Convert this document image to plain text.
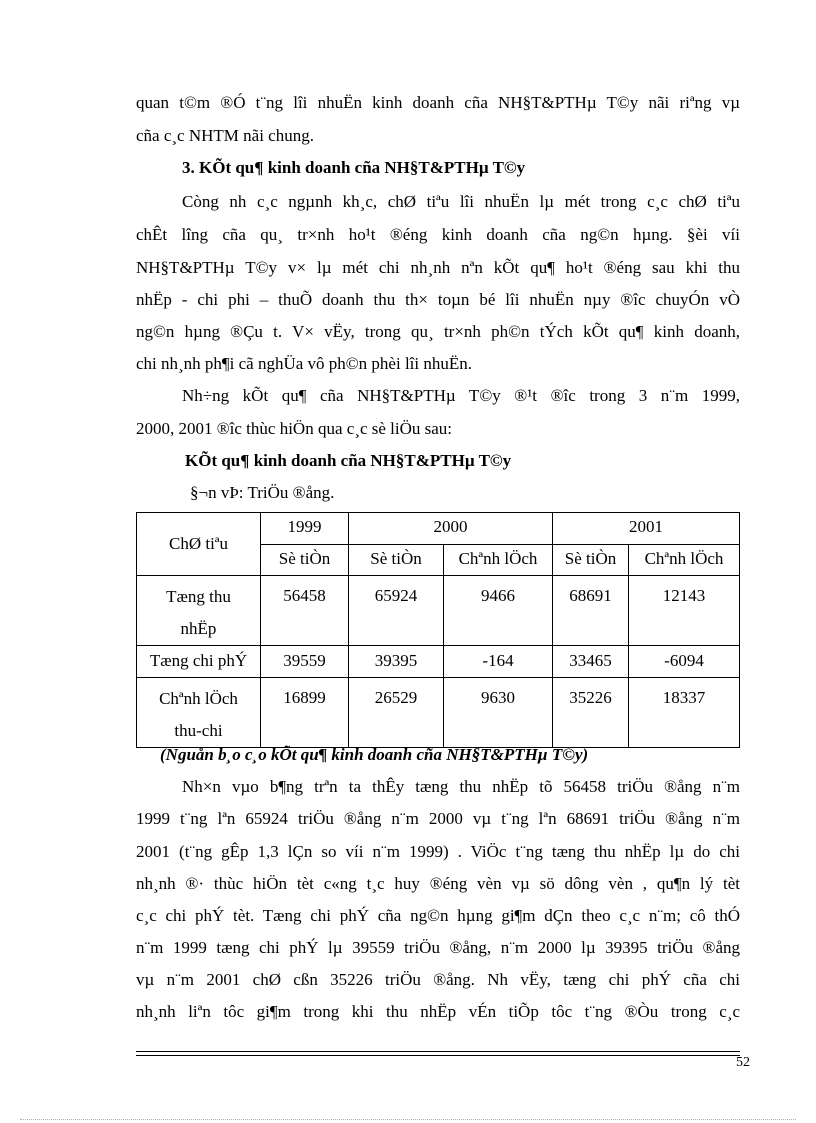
quan t©m ®Ó t¨ng lîi nhuËn kinh doanh cña NH§T&PTHµ T©y nãi riªng vµ
cña c¸c NHTM nãi chung.
3. KÕt qu¶ kinh doanh cña NH§T&PTHµ T©y
Còng nh c¸c ngµnh kh¸c, chØ tiªu lîi nhuËn lµ mét trong c¸c chØ tiªu
chÊt lîng cña qu¸ tr×nh ho¹t ®éng kinh doanh cña ng©n hµng. §èi víi
NH§T&PTHµ T©y v× lµ mét chi nh¸nh nªn kÕt qu¶ ho¹t ®éng sau khi thu
nhËp - chi phi – thuÕ doanh thu th× toµn bé lîi nhuËn nµy ®îc chuyÓn vÒ
ng©n hµng ®Çu t. V× vËy, trong qu¸ tr×nh ph©n tÝch kÕt qu¶ kinh doanh,
chi nh¸nh ph¶i cã nghÜa vô ph©n phèi lîi nhuËn.
Nh÷ng kÕt qu¶ cña NH§T&PTHµ T©y ®¹t ®îc trong 3 n¨m 1999,
2000, 2001 ®îc thùc hiÖn qua c¸c sè liÖu sau:
KÕt qu¶ kinh doanh cña NH§T&PTHµ T©y
§¬n vÞ: TriÖu ®ång.
ChØ tiªu	1999	2000		2001	
	Sè tiÒn	Sè tiÒn	Chªnh lÖch	Sè tiÒn	Chªnh lÖch
Tæng thu
nhËp	56458	65924	9466	68691	12143
Tæng chi phÝ	39559	39395	-164	33465	-6094
Chªnh lÖch
thu-chi	16899	26529	9630	35226	18337
(Nguån b¸o c¸o kÕt qu¶ kinh doanh cña NH§T&PTHµ T©y)
Nh×n vµo b¶ng trªn ta thÊy tæng thu nhËp tõ 56458 triÖu ®ång n¨m
1999 t¨ng lªn 65924 triÖu ®ång n¨m 2000 vµ t¨ng lªn 68691 triÖu ®ång n¨m
2001 (t¨ng gÊp 1,3 lÇn so víi n¨m 1999) . ViÖc t¨ng tæng thu nhËp lµ do chi
nh¸nh ®· thùc hiÖn tèt c«ng t¸c huy ®éng vèn vµ sö dông vèn , qu¶n lý tèt
c¸c chi phÝ tèt. Tæng chi phÝ cña ng©n hµng gi¶m dÇn theo c¸c n¨m; cô thÓ
n¨m 1999 tæng chi phÝ lµ 39559 triÖu ®ång, n¨m 2000 lµ 39395 triÖu ®ång
vµ n¨m 2001 chØ cßn 35226 triÖu ®ång. Nh vËy, tæng chi phÝ cña chi
nh¸nh liªn tôc gi¶m trong khi thu nhËp vÉn tiÕp tôc t¨ng ®Òu trong c¸c
52
